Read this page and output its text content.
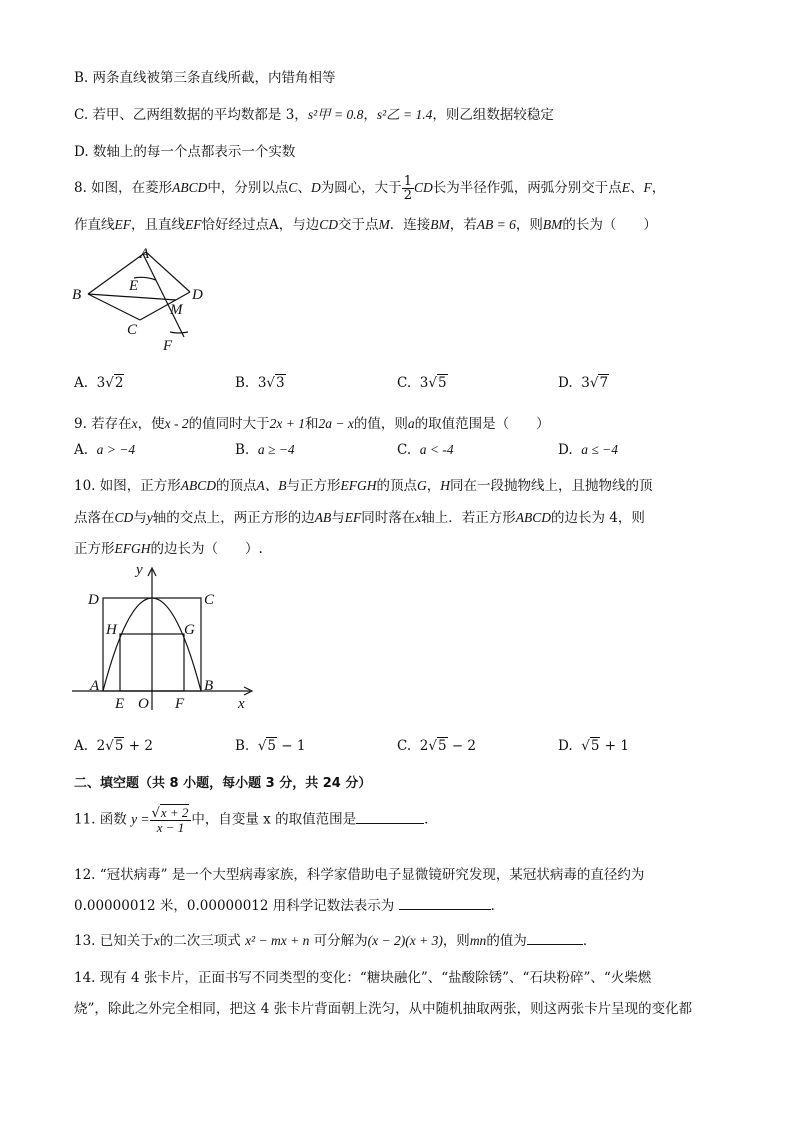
B. 两条直线被第三条直线所截，内错角相等
C. 若甲、乙两组数据的平均数都是 3，s²甲 = 0.8，s²乙 = 1.4，则乙组数据较稳定
D. 数轴上的每一个点都表示一个实数
8. 如图，在菱形ABCD中，分别以点C、D为圆心，大于 $\frac{1}{2}$ CD长为半径作弧，两弧分别交于点E、F，
作直线EF，且直线EF恰好经过点A，与边CD交于点M．连接BM，若AB = 6，则BM的长为（　　）
A
B
C
D
E
M
F
A. 3√2	B. 3√3	C. 3√5	D. 3√7
9. 若存在x，使x - 2的值同时大于2x + 1和2a − x的值，则a的取值范围是（　　）
A. a > −4	B. a ≥ −4	C. a < -4	D. a ≤ −4
10. 如图，正方形ABCD的顶点A、B与正方形EFGH的顶点G，H同在一段抛物线上，且抛物线的顶
点落在CD与y轴的交点上，两正方形的边AB与EF同时落在x轴上．若正方形ABCD的边长为 4，则
正方形EFGH的边长为（　　）.
y
x
D	C
H	G
A	B
E O F
A. 2√5 + 2	B. √5 − 1	C. 2√5 − 2	D. √5 + 1
二、填空题（共 8 小题，每小题 3 分，共 24 分）
11. 函数 $y = \frac{√x + 2}{x - 1}$ 中，自变量 x 的取值范围是	．
12. “冠状病毒” 是一个大型病毒家族，科学家借助电子显微镜研究发现，某冠状病毒的直径约为
0.00000012 米，0.00000012 用科学记数法表示为	．
13. 已知关于x的二次三项式 x² − mx + n 可分解为(x − 2)(x + 3)，则mn的值为	．
14. 现有 4 张卡片，正面书写不同类型的变化：“糖块融化”、“盐酸除锈”、“石块粉碎”、“火柴燃
烧”，除此之外完全相同，把这 4 张卡片背面朝上洗匀，从中随机抽取两张，则这两张卡片呈现的变化都
